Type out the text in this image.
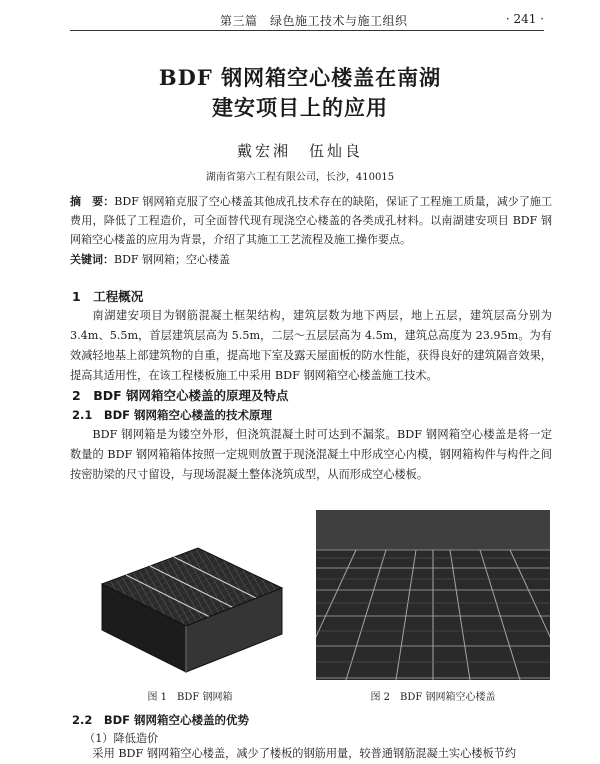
第三篇　绿色施工技术与施工组织	· 241 ·
BDF 钢网箱空心楼盖在南湖
建安项目上的应用
戴宏湘　伍灿良
湖南省第六工程有限公司，长沙，410015
摘　要：BDF 钢网箱克服了空心楼盖其他成孔技术存在的缺陷，保证了工程施工质量，减少了施工费用，降低了工程造价，可全面替代现有现浇空心楼盖的各类成孔材料。以南湖建安项目 BDF 钢网箱空心楼盖的应用为背景，介绍了其施工工艺流程及施工操作要点。
关键词：BDF 钢网箱；空心楼盖
1　工程概况
南湖建安项目为钢筋混凝土框架结构，建筑层数为地下两层，地上五层，建筑层高分别为 3.4m、5.5m，首层建筑层高为 5.5m，二层～五层层高为 4.5m，建筑总高度为 23.95m。为有效减轻地基上部建筑物的自重，提高地下室及露天屋面板的防水性能，获得良好的建筑隔音效果，提高其适用性，在该工程楼板施工中采用 BDF 钢网箱空心楼盖施工技术。
2　BDF 钢网箱空心楼盖的原理及特点
2.1　BDF 钢网箱空心楼盖的技术原理
BDF 钢网箱是为镂空外形，但浇筑混凝土时可达到不漏浆。BDF 钢网箱空心楼盖是将一定数量的 BDF 钢网箱箱体按照一定规则放置于现浇混凝土中形成空心内模，钢网箱构件与构件之间按密肋梁的尺寸留设，与现场混凝土整体浇筑成型，从而形成空心楼板。
图 1　BDF 钢网箱	图 2　BDF 钢网箱空心楼盖
2.2　BDF 钢网箱空心楼盖的优势
（1）降低造价
采用 BDF 钢网箱空心楼盖，减少了楼板的钢筋用量，较普通钢筋混凝土实心楼板节约
